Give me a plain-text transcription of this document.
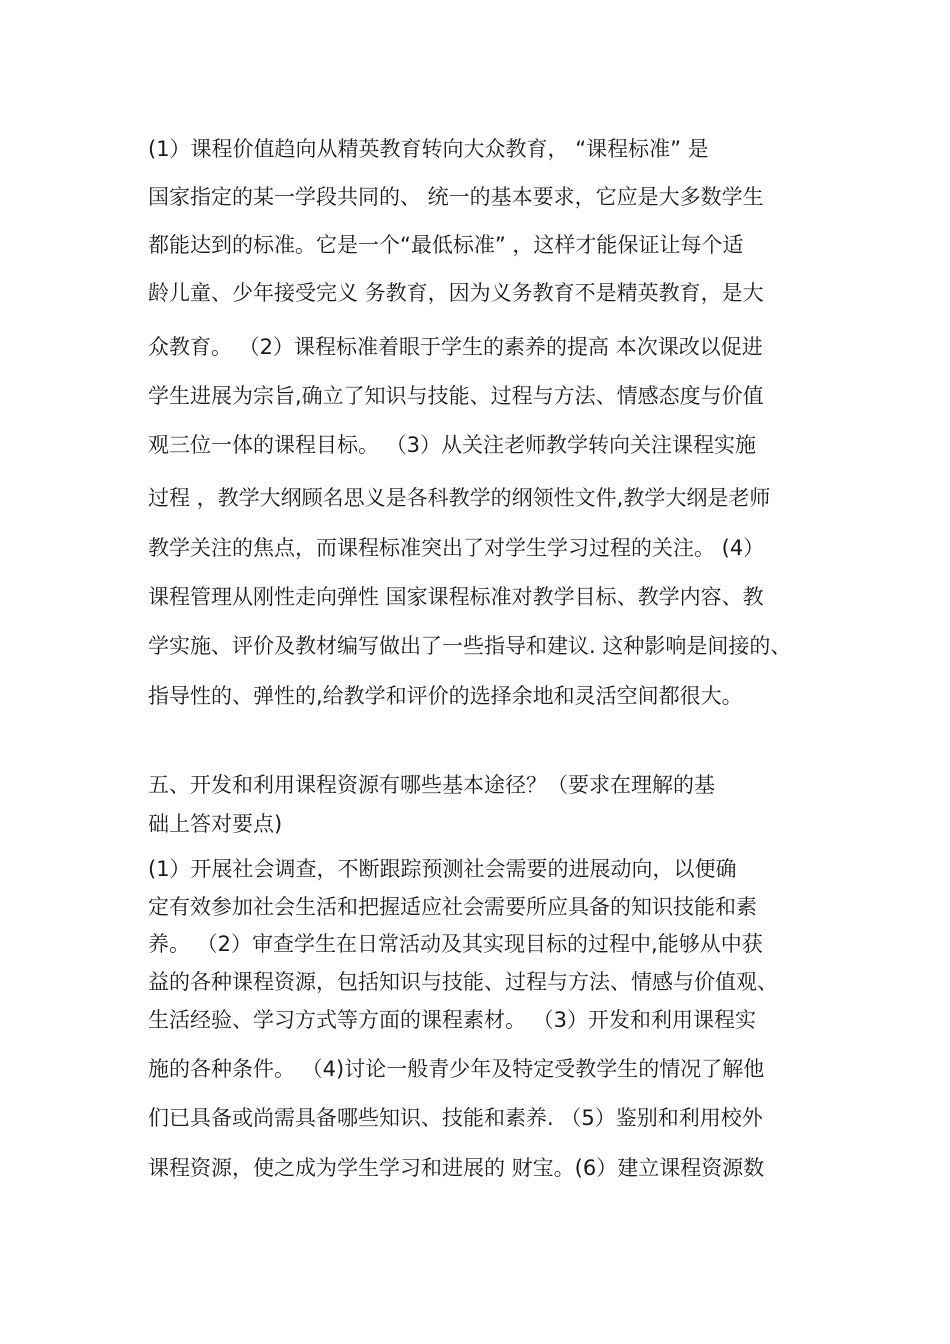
(1）课程价值趋向从精英教育转向大众教育， “课程标准” 是
国家指定的某一学段共同的、 统一的基本要求，它应是大多数学生
都能达到的标准。它是一个“最低标准” ，这样才能保证让每个适
龄儿童、少年接受完义 务教育，因为义务教育不是精英教育，是大
众教育。 （2）课程标准着眼于学生的素养的提高 本次课改以促进
学生进展为宗旨,确立了知识与技能、过程与方法、情感态度与价值
观三位一体的课程目标。 （3）从关注老师教学转向关注课程实施
过程 ，教学大纲顾名思义是各科教学的纲领性文件,教学大纲是老师
教学关注的焦点，而课程标准突出了对学生学习过程的关注。 (4）
课程管理从刚性走向弹性 国家课程标准对教学目标、教学内容、教
学实施、评价及教材编写做出了一些指导和建议. 这种影响是间接的、
指导性的、弹性的,给教学和评价的选择余地和灵活空间都很大。
五、开发和利用课程资源有哪些基本途径？（要求在理解的基
础上答对要点)
(1）开展社会调查，不断跟踪预测社会需要的进展动向，以便确
定有效参加社会生活和把握适应社会需要所应具备的知识技能和素
养。 （2）审查学生在日常活动及其实现目标的过程中,能够从中获
益的各种课程资源，包括知识与技能、过程与方法、情感与价值观、
生活经验、学习方式等方面的课程素材。 （3）开发和利用课程实
施的各种条件。 （4)讨论一般青少年及特定受教学生的情况了解他
们已具备或尚需具备哪些知识、技能和素养. （5）鉴别和利用校外
课程资源，使之成为学生学习和进展的 财宝。(6）建立课程资源数
